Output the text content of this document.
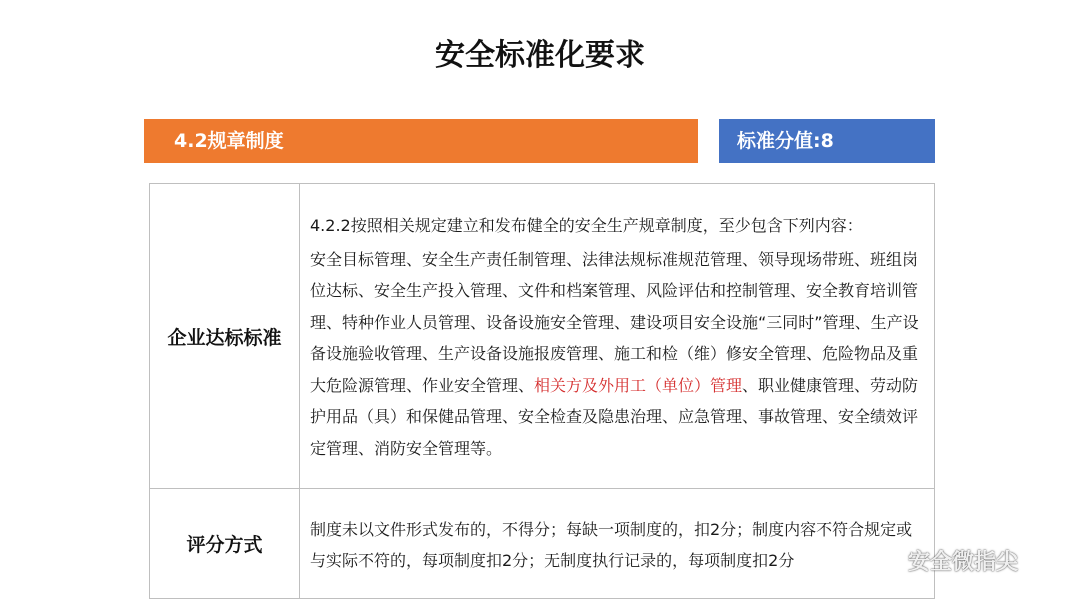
安全标准化要求
4.2规章制度	标准分值:8
企业达标标准	4.2.2按照相关规定建立和发布健全的安全生产规章制度，至少包含下列内容：
安全目标管理、安全生产责任制管理、法律法规标准规范管理、领导现场带班、班组岗位达标、安全生产投入管理、文件和档案管理、风险评估和控制管理、安全教育培训管理、特种作业人员管理、设备设施安全管理、建设项目安全设施“三同时”管理、生产设备设施验收管理、生产设备设施报废管理、施工和检（维）修安全管理、危险物品及重大危险源管理、作业安全管理、相关方及外用工（单位）管理、职业健康管理、劳动防护用品（具）和保健品管理、安全检查及隐患治理、应急管理、事故管理、安全绩效评定管理、消防安全管理等。

评分方式	制度未以文件形式发布的，不得分；每缺一项制度的，扣2分；制度内容不符合规定或与实际不符的，每项制度扣2分；无制度执行记录的，每项制度扣2分	安全微指尖
